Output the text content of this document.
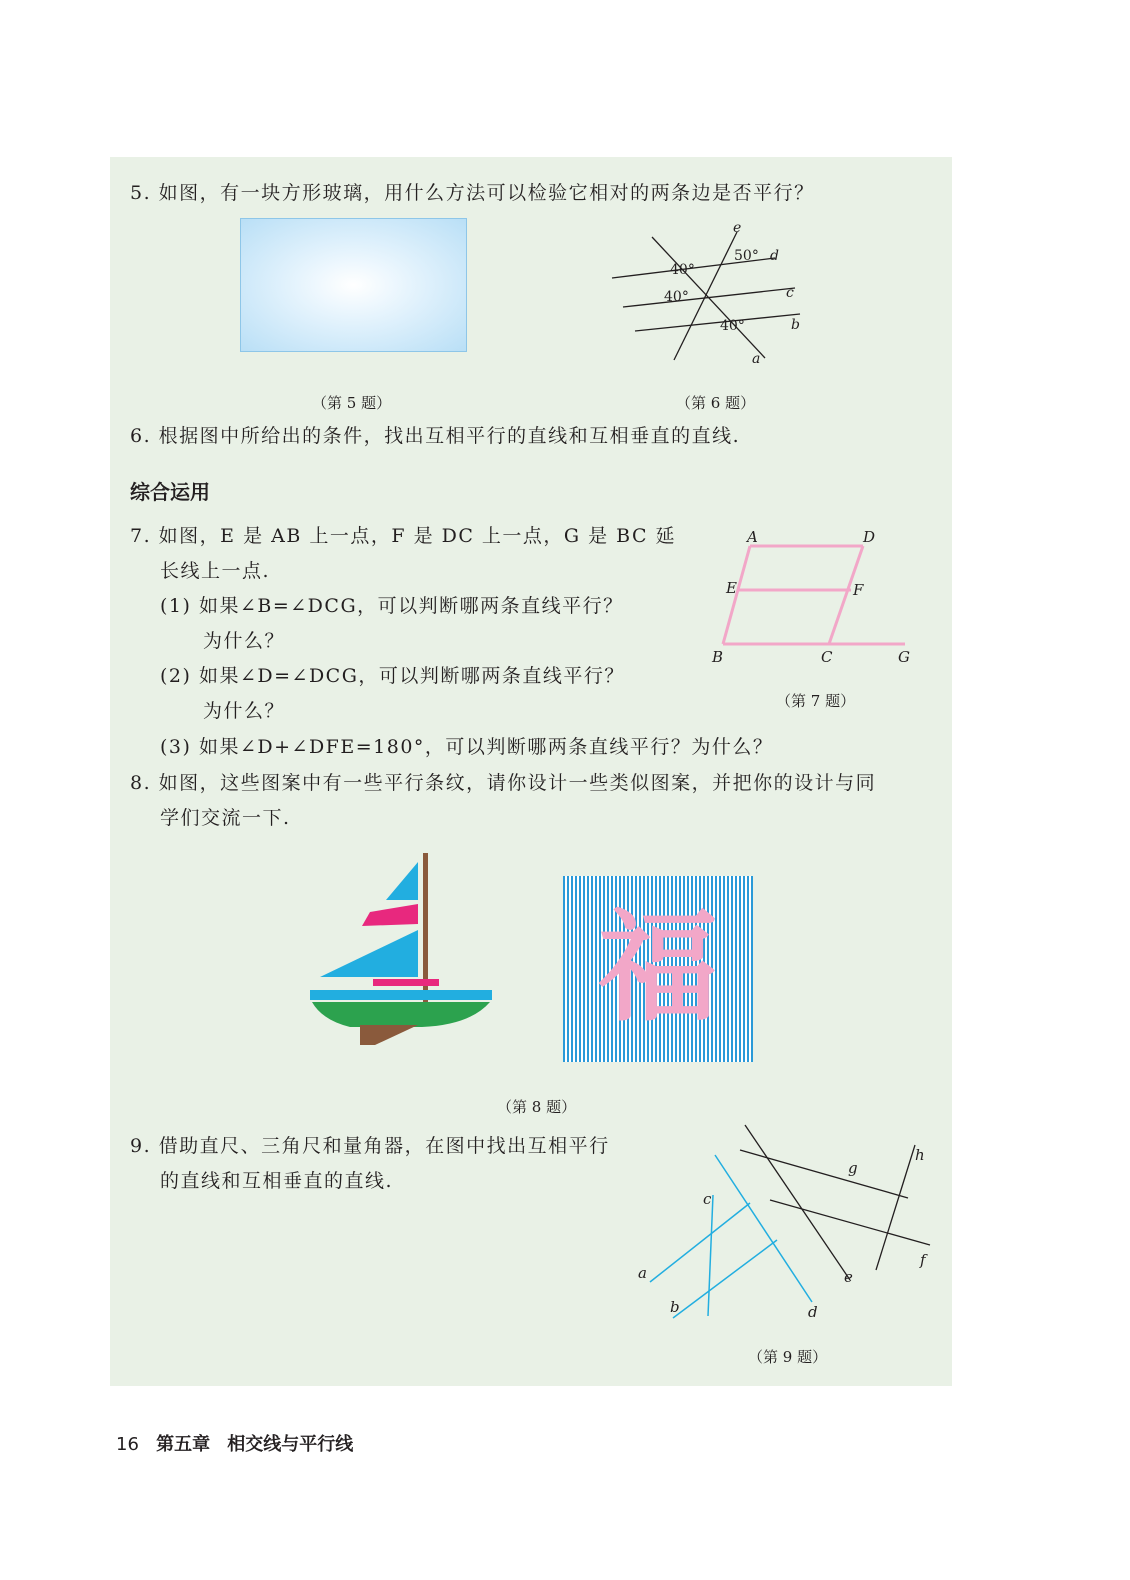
5. 如图，有一块方形玻璃，用什么方法可以检验它相对的两条边是否平行？
（第 5 题）
e
d
c
b
a
50°
40°
40°
40°
（第 6 题）
6. 根据图中所给出的条件，找出互相平行的直线和互相垂直的直线.
综合运用
7. 如图，E 是 AB 上一点，F 是 DC 上一点，G 是 BC 延
长线上一点.
(1) 如果∠B=∠DCG，可以判断哪两条直线平行？
为什么？
(2) 如果∠D=∠DCG，可以判断哪两条直线平行？
为什么？
(3) 如果∠D+∠DFE=180°，可以判断哪两条直线平行？为什么？
A	D
E	F
B	C	G
（第 7 题）
8. 如图，这些图案中有一些平行条纹，请你设计一些类似图案，并把你的设计与同
学们交流一下.
福
（第 8 题）
9. 借助直尺、三角尺和量角器，在图中找出互相平行
的直线和互相垂直的直线.
a
b
c
d
e
f
g
h
（第 9 题）
16 第五章 相交线与平行线
